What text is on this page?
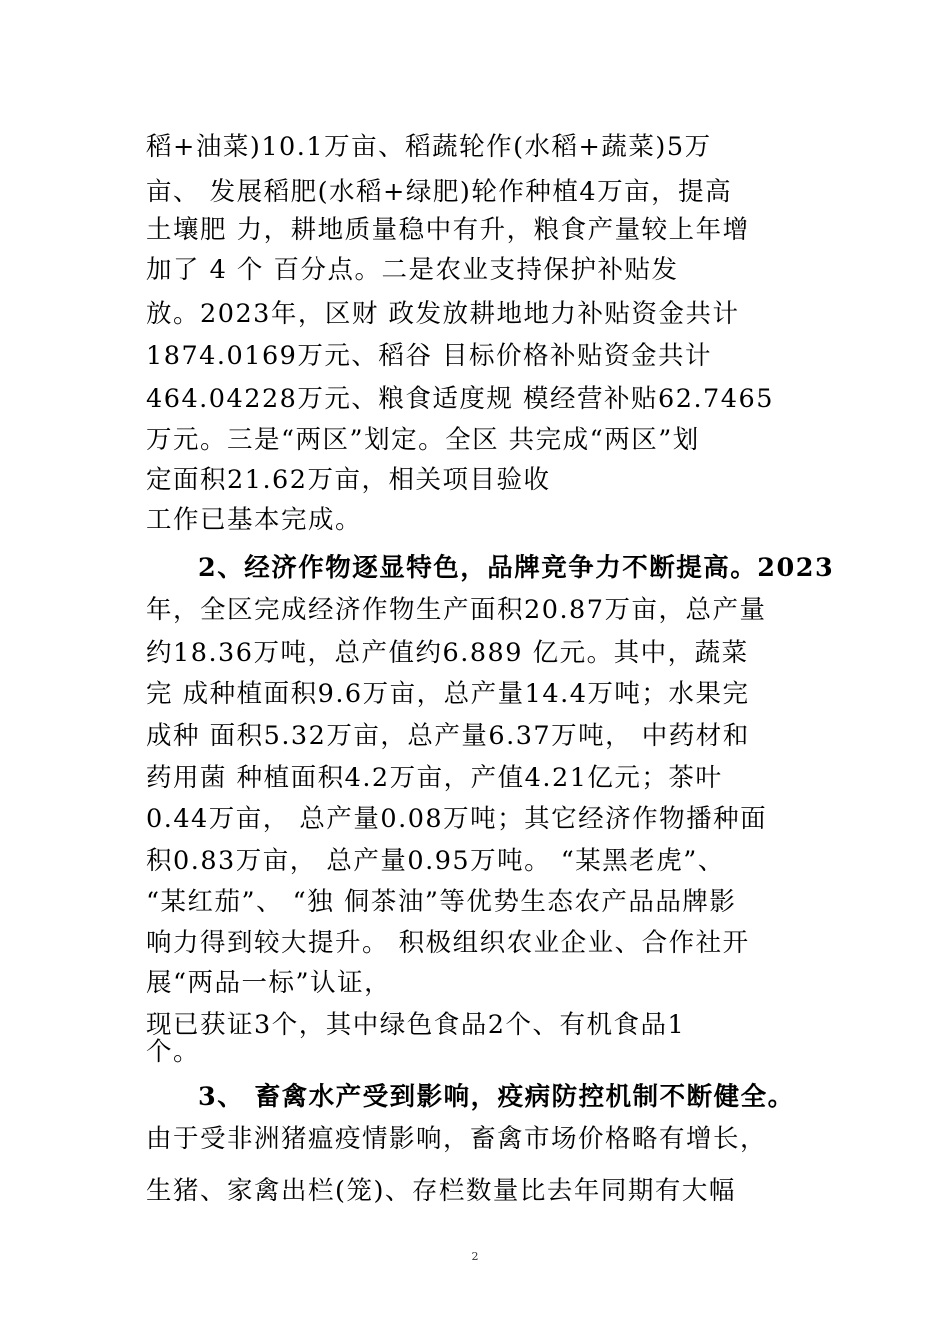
稻+油菜)10.1万亩、稻蔬轮作(水稻+蔬菜)5万
亩、 发展稻肥(水稻+绿肥)轮作种植4万亩，提高
土壤肥 力，耕地质量稳中有升，粮食产量较上年增
加了 4 个 百分点。二是农业支持保护补贴发
放。2023年，区财 政发放耕地地力补贴资金共计
1874.0169万元、稻谷 目标价格补贴资金共计
464.04228万元、粮食适度规 模经营补贴62.7465
万元。三是“两区”划定。全区 共完成“两区”划
定面积21.62万亩，相关项目验收
工作已基本完成。
2、经济作物逐显特色，品牌竞争力不断提高。2023
年，全区完成经济作物生产面积20.87万亩，总产量
约18.36万吨，总产值约6.889 亿元。其中，蔬菜
完 成种植面积9.6万亩，总产量14.4万吨；水果完
成种 面积5.32万亩，总产量6.37万吨， 中药材和
药用菌 种植面积4.2万亩，产值4.21亿元；茶叶
0.44万亩， 总产量0.08万吨；其它经济作物播种面
积0.83万亩， 总产量0.95万吨。 “某黑老虎”、
“某红茄”、 “独 侗茶油”等优势生态农产品品牌影
响力得到较大提升。 积极组织农业企业、合作社开
展“两品一标”认证，
现已获证3个，其中绿色食品2个、有机食品1
个。
3、 畜禽水产受到影响，疫病防控机制不断健全。
由于受非洲猪瘟疫情影响，畜禽市场价格略有增长，
生猪、家禽出栏(笼)、存栏数量比去年同期有大幅
2
